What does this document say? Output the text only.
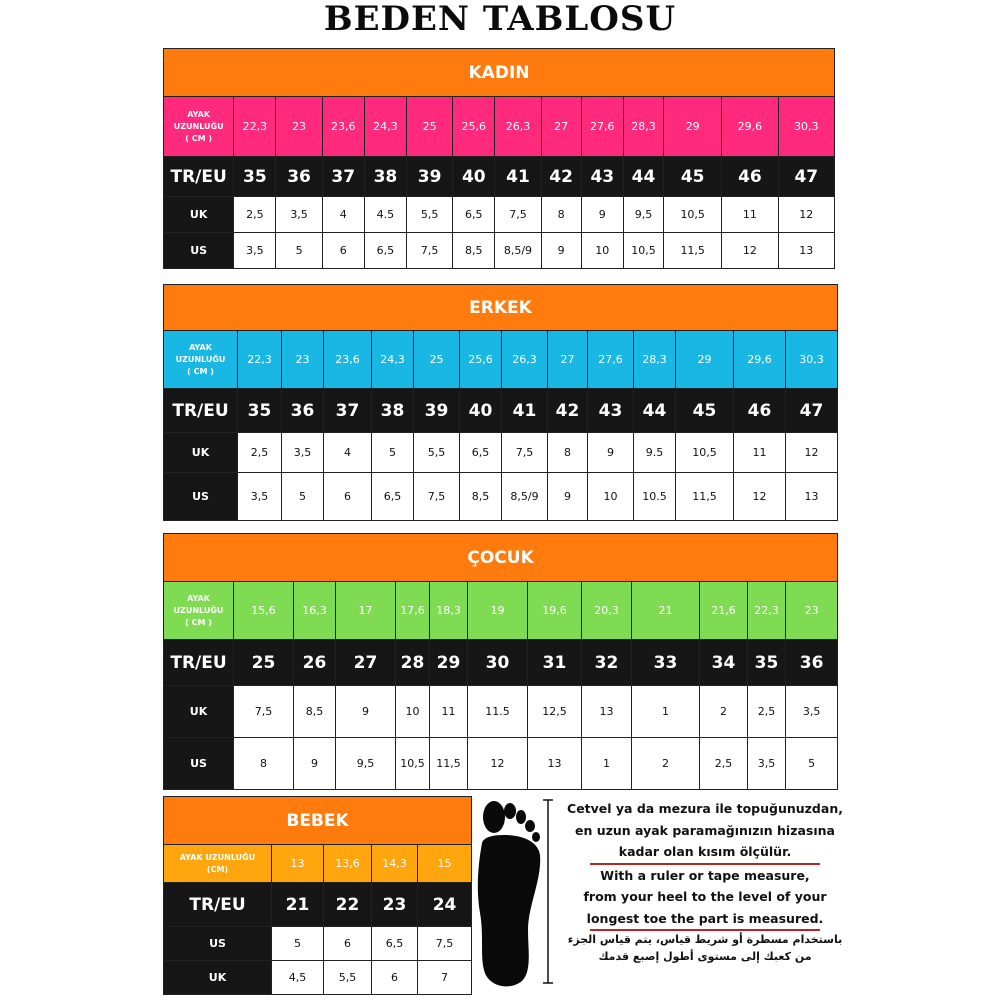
BEDEN TABLOSU
KADIN													
AYAK
UZUNLUĞU
( CM )	22,3	23	23,6	24,3	25	25,6	26,3	27	27,6	28,3	29	29,6	30,3
TR/EU	35	36	37	38	39	40	41	42	43	44	45	46	47
UK	2,5	3,5	4	4.5	5,5	6,5	7,5	8	9	9,5	10,5	11	12
US	3,5	5	6	6,5	7,5	8,5	8,5/9	9	10	10,5	11,5	12	13
ERKEK													
AYAK
UZUNLUĞU
( CM )	22,3	23	23,6	24,3	25	25,6	26,3	27	27,6	28,3	29	29,6	30,3
TR/EU	35	36	37	38	39	40	41	42	43	44	45	46	47
UK	2,5	3,5	4	5	5,5	6,5	7,5	8	9	9.5	10,5	11	12
US	3,5	5	6	6,5	7,5	8,5	8,5/9	9	10	10.5	11,5	12	13
ÇOCUK												
AYAK
UZUNLUĞU
( CM )	15,6	16,3	17	17,6	18,3	19	19,6	20,3	21	21,6	22,3	23
TR/EU	25	26	27	28	29	30	31	32	33	34	35	36
UK	7,5	8,5	9	10	11	11.5	12,5	13	1	2	2,5	3,5
US	8	9	9,5	10,5	11,5	12	13	1	2	2,5	3,5	5
BEBEK				
AYAK UZUNLUĞU
(CM)	13	13,6	14,3	15
TR/EU	21	22	23	24
US	5	6	6,5	7,5
UK	4,5	5,5	6	7
Cetvel ya da mezura ile topuğunuzdan,
en uzun ayak paramağınızın hizasına
kadar olan kısım ölçülür.
With a ruler or tape measure,
from your heel to the level of your
longest toe the part is measured.
باستخدام مسطرة أو شريط قياس، يتم قياس الجزء
من كعبك إلى مستوى أطول إصبع قدمك
